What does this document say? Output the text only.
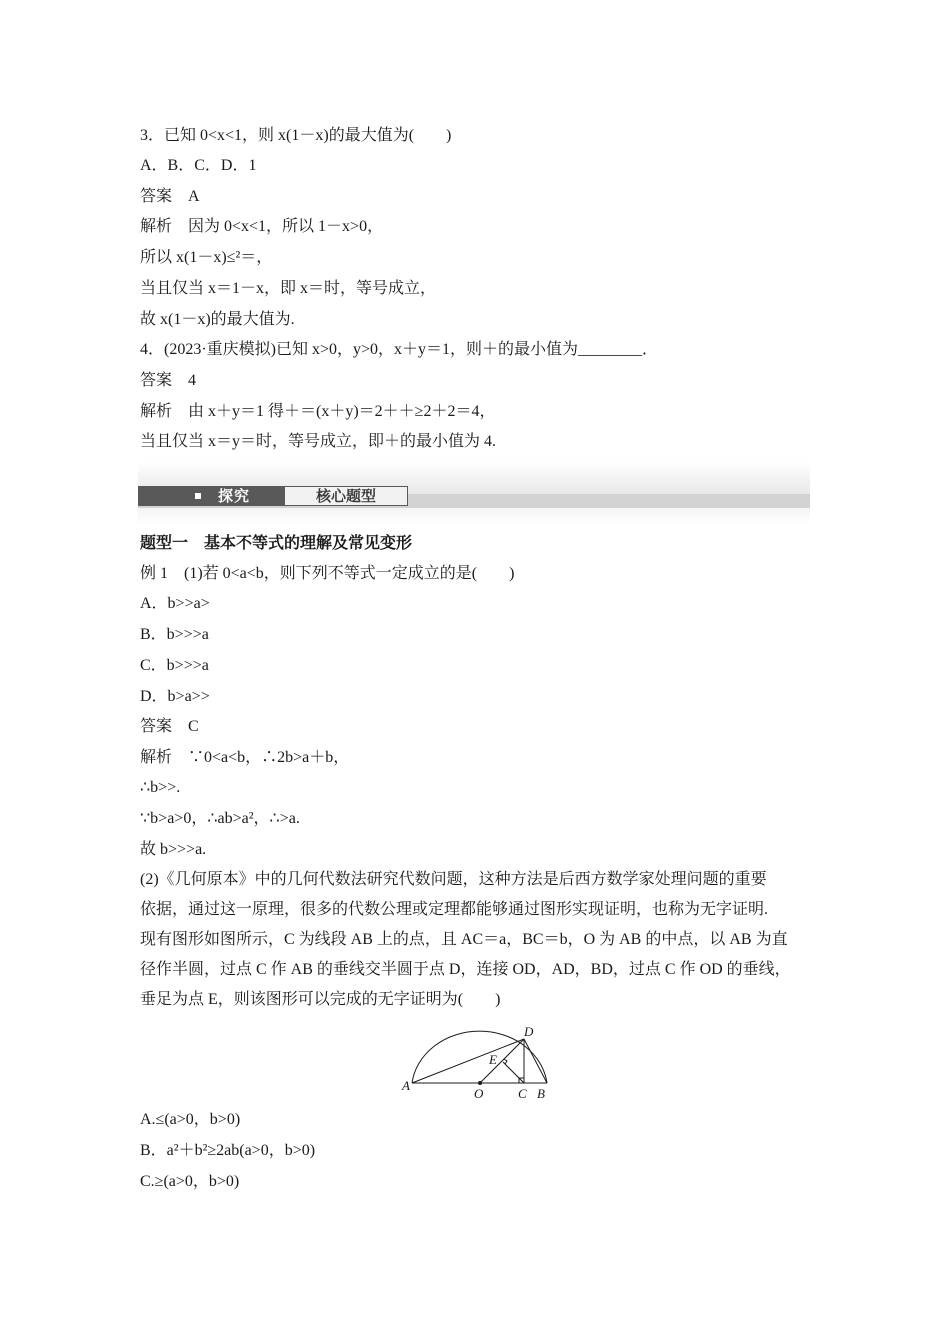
3．已知 0<x<1，则 x(1－x)的最大值为(　　)
A．B．C．D．1
答案　A
解析　因为 0<x<1，所以 1－x>0，
所以 x(1－x)≤²＝，
当且仅当 x＝1－x，即 x＝时，等号成立，
故 x(1－x)的最大值为.
4．(2023·重庆模拟)已知 x>0，y>0，x＋y＝1，则＋的最小值为________．
答案　4
解析　由 x＋y＝1 得＋＝(x＋y)＝2＋＋≥2＋2＝4，
当且仅当 x＝y＝时，等号成立，即＋的最小值为 4.
探究	核心题型
题型一　基本不等式的理解及常见变形
例 1　(1)若 0<a<b，则下列不等式一定成立的是(　　)
A．b>>a>
B．b>>>a
C．b>>>a
D．b>a>>
答案　C
解析　∵0<a<b，∴2b>a＋b，
∴b>>.
∵b>a>0，∴ab>a²，∴>a.
故 b>>>a.
(2)《几何原本》中的几何代数法研究代数问题，这种方法是后西方数学家处理问题的重要
依据，通过这一原理，很多的代数公理或定理都能够通过图形实现证明，也称为无字证明.
现有图形如图所示，C 为线段 AB 上的点，且 AC＝a，BC＝b，O 为 AB 的中点，以 AB 为直
径作半圆，过点 C 作 AB 的垂线交半圆于点 D，连接 OD，AD，BD，过点 C 作 OD 的垂线，
垂足为点 E，则该图形可以完成的无字证明为(　　)
A
O	C B
D
E
A.≤(a>0，b>0)
B．a²＋b²≥2ab(a>0，b>0)
C.≥(a>0，b>0)
